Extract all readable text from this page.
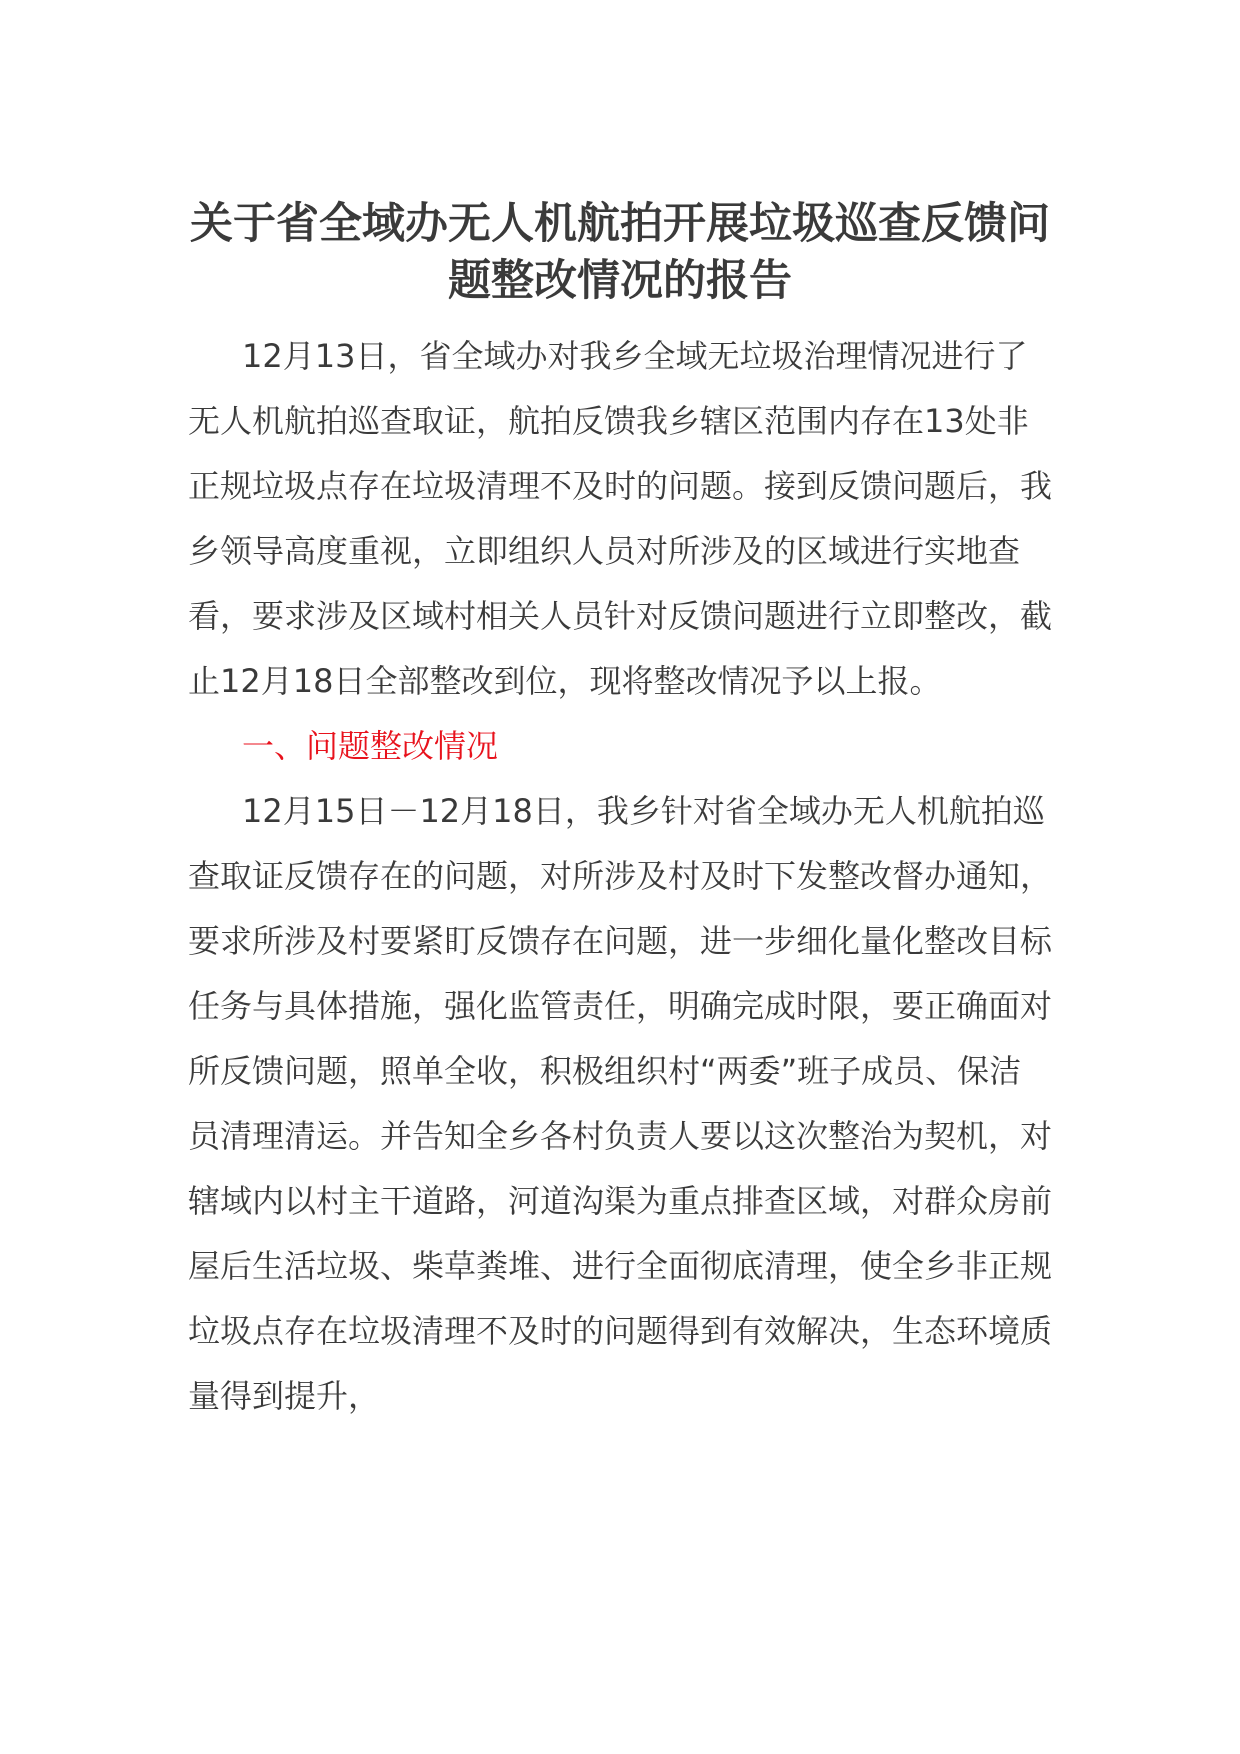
关于省全域办无人机航拍开展垃圾巡查反馈问题整改情况的报告

12月13日，省全域办对我乡全域无垃圾治理情况进行了无人机航拍巡查取证，航拍反馈我乡辖区范围内存在13处非正规垃圾点存在垃圾清理不及时的问题。接到反馈问题后，我乡领导高度重视，立即组织人员对所涉及的区域进行实地查看，要求涉及区域村相关人员针对反馈问题进行立即整改，截止12月18日全部整改到位，现将整改情况予以上报。

一、问题整改情况

12月15日－12月18日，我乡针对省全域办无人机航拍巡查取证反馈存在的问题，对所涉及村及时下发整改督办通知，要求所涉及村要紧盯反馈存在问题，进一步细化量化整改目标任务与具体措施，强化监管责任，明确完成时限，要正确面对所反馈问题，照单全收，积极组织村“两委”班子成员、保洁员清理清运。并告知全乡各村负责人要以这次整治为契机，对辖域内以村主干道路，河道沟渠为重点排查区域，对群众房前屋后生活垃圾、柴草粪堆、进行全面彻底清理，使全乡非正规垃圾点存在垃圾清理不及时的问题得到有效解决，生态环境质量得到提升，
